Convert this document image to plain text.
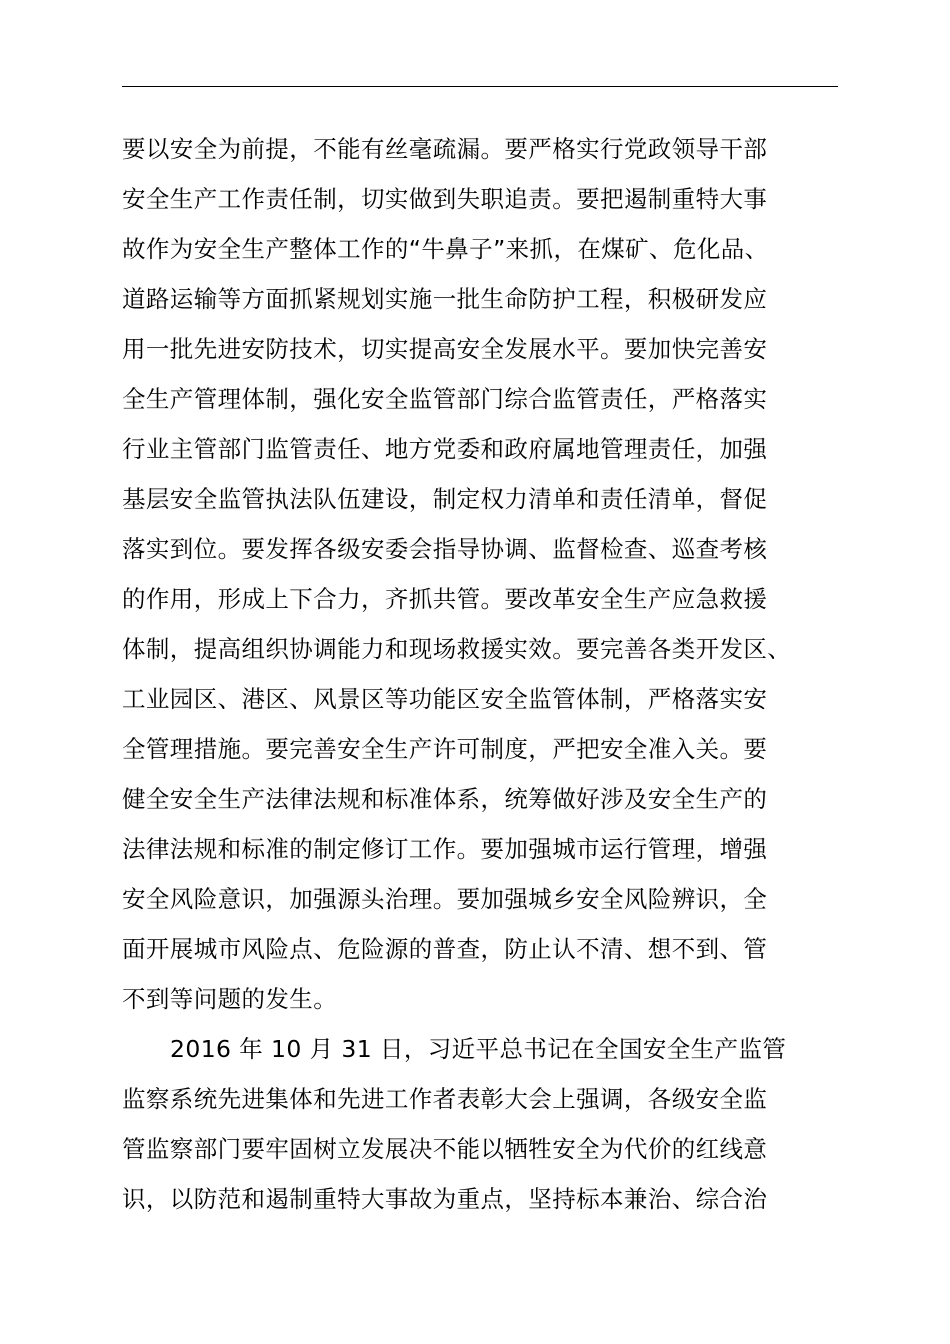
要以安全为前提，不能有丝毫疏漏。要严格实行党政领导干部
安全生产工作责任制，切实做到失职追责。要把遏制重特大事
故作为安全生产整体工作的“牛鼻子”来抓，在煤矿、危化品、
道路运输等方面抓紧规划实施一批生命防护工程，积极研发应
用一批先进安防技术，切实提高安全发展水平。要加快完善安
全生产管理体制，强化安全监管部门综合监管责任，严格落实
行业主管部门监管责任、地方党委和政府属地管理责任，加强
基层安全监管执法队伍建设，制定权力清单和责任清单，督促
落实到位。要发挥各级安委会指导协调、监督检查、巡查考核
的作用，形成上下合力，齐抓共管。要改革安全生产应急救援
体制，提高组织协调能力和现场救援实效。要完善各类开发区、
工业园区、港区、风景区等功能区安全监管体制，严格落实安
全管理措施。要完善安全生产许可制度，严把安全准入关。要
健全安全生产法律法规和标准体系，统筹做好涉及安全生产的
法律法规和标准的制定修订工作。要加强城市运行管理，增强
安全风险意识，加强源头治理。要加强城乡安全风险辨识，全
面开展城市风险点、危险源的普查，防止认不清、想不到、管
不到等问题的发生。
2016 年 10 月 31 日，习近平总书记在全国安全生产监管
监察系统先进集体和先进工作者表彰大会上强调，各级安全监
管监察部门要牢固树立发展决不能以牺牲安全为代价的红线意
识，以防范和遏制重特大事故为重点，坚持标本兼治、综合治
